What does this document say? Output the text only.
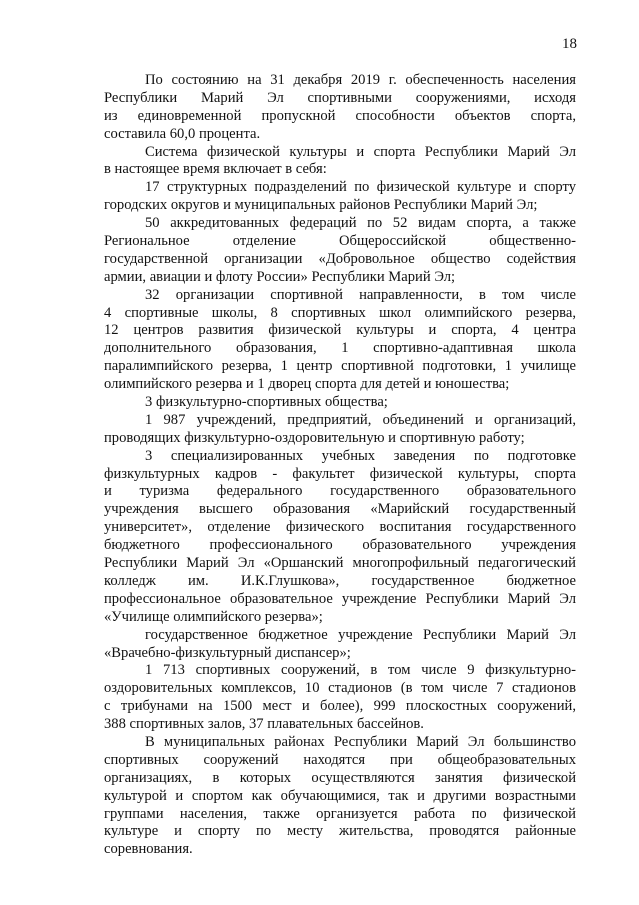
18
По состоянию на 31 декабря 2019 г. обеспеченность населения
Республики Марий Эл спортивными сооружениями, исходя
из единовременной пропускной способности объектов спорта,
составила 60,0 процента.
Система физической культуры и спорта Республики Марий Эл
в настоящее время включает в себя:
17 структурных подразделений по физической культуре и спорту
городских округов и муниципальных районов Республики Марий Эл;
50 аккредитованных федераций по 52 видам спорта, а также
Региональное отделение Общероссийской общественно-
государственной организации «Добровольное общество содействия
армии, авиации и флоту России» Республики Марий Эл;
32 организации спортивной направленности, в том числе
4 спортивные школы, 8 спортивных школ олимпийского резерва,
12 центров развития физической культуры и спорта, 4 центра
дополнительного образования, 1 спортивно-адаптивная школа
паралимпийского резерва, 1 центр спортивной подготовки, 1 училище
олимпийского резерва и 1 дворец спорта для детей и юношества;
3 физкультурно-спортивных общества;
1 987 учреждений, предприятий, объединений и организаций,
проводящих физкультурно-оздоровительную и спортивную работу;
3 специализированных учебных заведения по подготовке
физкультурных кадров - факультет физической культуры, спорта
и туризма федерального государственного образовательного
учреждения высшего образования «Марийский государственный
университет», отделение физического воспитания государственного
бюджетного профессионального образовательного учреждения
Республики Марий Эл «Оршанский многопрофильный педагогический
колледж им. И.К.Глушкова», государственное бюджетное
профессиональное образовательное учреждение Республики Марий Эл
«Училище олимпийского резерва»;
государственное бюджетное учреждение Республики Марий Эл
«Врачебно-физкультурный диспансер»;
1 713 спортивных сооружений, в том числе 9 физкультурно-
оздоровительных комплексов, 10 стадионов (в том числе 7 стадионов
с трибунами на 1500 мест и более), 999 плоскостных сооружений,
388 спортивных залов, 37 плавательных бассейнов.
В муниципальных районах Республики Марий Эл большинство
спортивных сооружений находятся при общеобразовательных
организациях, в которых осуществляются занятия физической
культурой и спортом как обучающимися, так и другими возрастными
группами населения, также организуется работа по физической
культуре и спорту по месту жительства, проводятся районные
соревнования.
